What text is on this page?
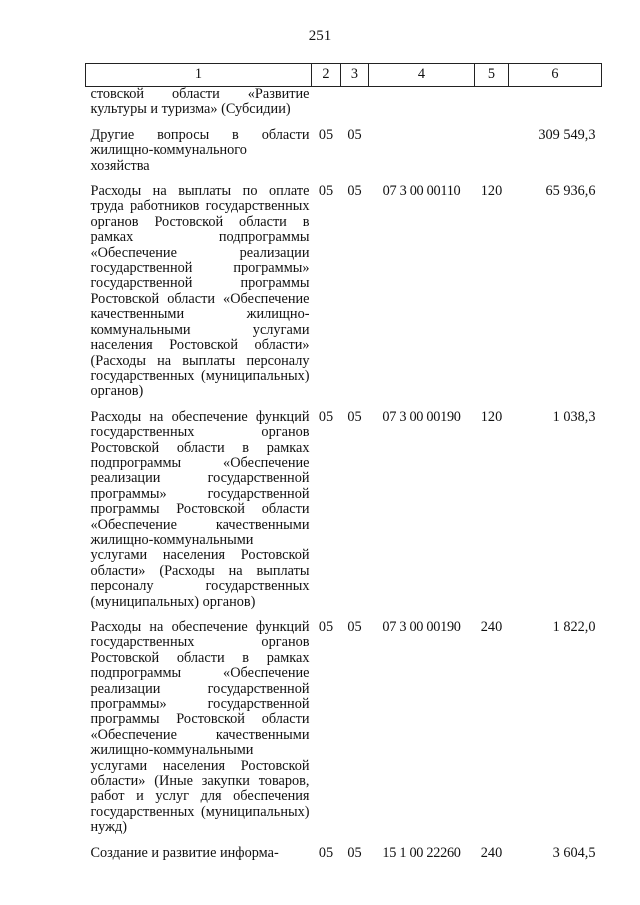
251
1	2	3	4	5	6
стовской области «Развитие культуры и туризма» (Субсидии)					
Другие вопросы в области жилищно-коммунального хозяйства	05	05			309 549,3
Расходы на выплаты по оплате труда работников государственных органов Ростовской области в рамках подпрограммы «Обеспечение реализации государственной программы» государственной программы Ростовской области «Обеспечение качественными жилищно-коммунальными услугами населения Ростовской области» (Расходы на выплаты персоналу государственных (муниципальных) органов)	05	05	07 3 00 00110	120	65 936,6
Расходы на обеспечение функций государственных органов Ростовской области в рамках подпрограммы «Обеспечение реализации государственной программы» государственной программы Ростовской области «Обеспечение качественными жилищно-коммунальными услугами населения Ростовской области» (Расходы на выплаты персоналу государственных (муниципальных) органов)	05	05	07 3 00 00190	120	1 038,3
Расходы на обеспечение функций государственных органов Ростовской области в рамках подпрограммы «Обеспечение реализации государственной программы» государственной программы Ростовской области «Обеспечение качественными жилищно-коммунальными услугами населения Ростовской области» (Иные закупки товаров, работ и услуг для обеспечения государственных (муниципальных) нужд)	05	05	07 3 00 00190	240	1 822,0
Создание и развитие информа-	05	05	15 1 00 22260	240	3 604,5
